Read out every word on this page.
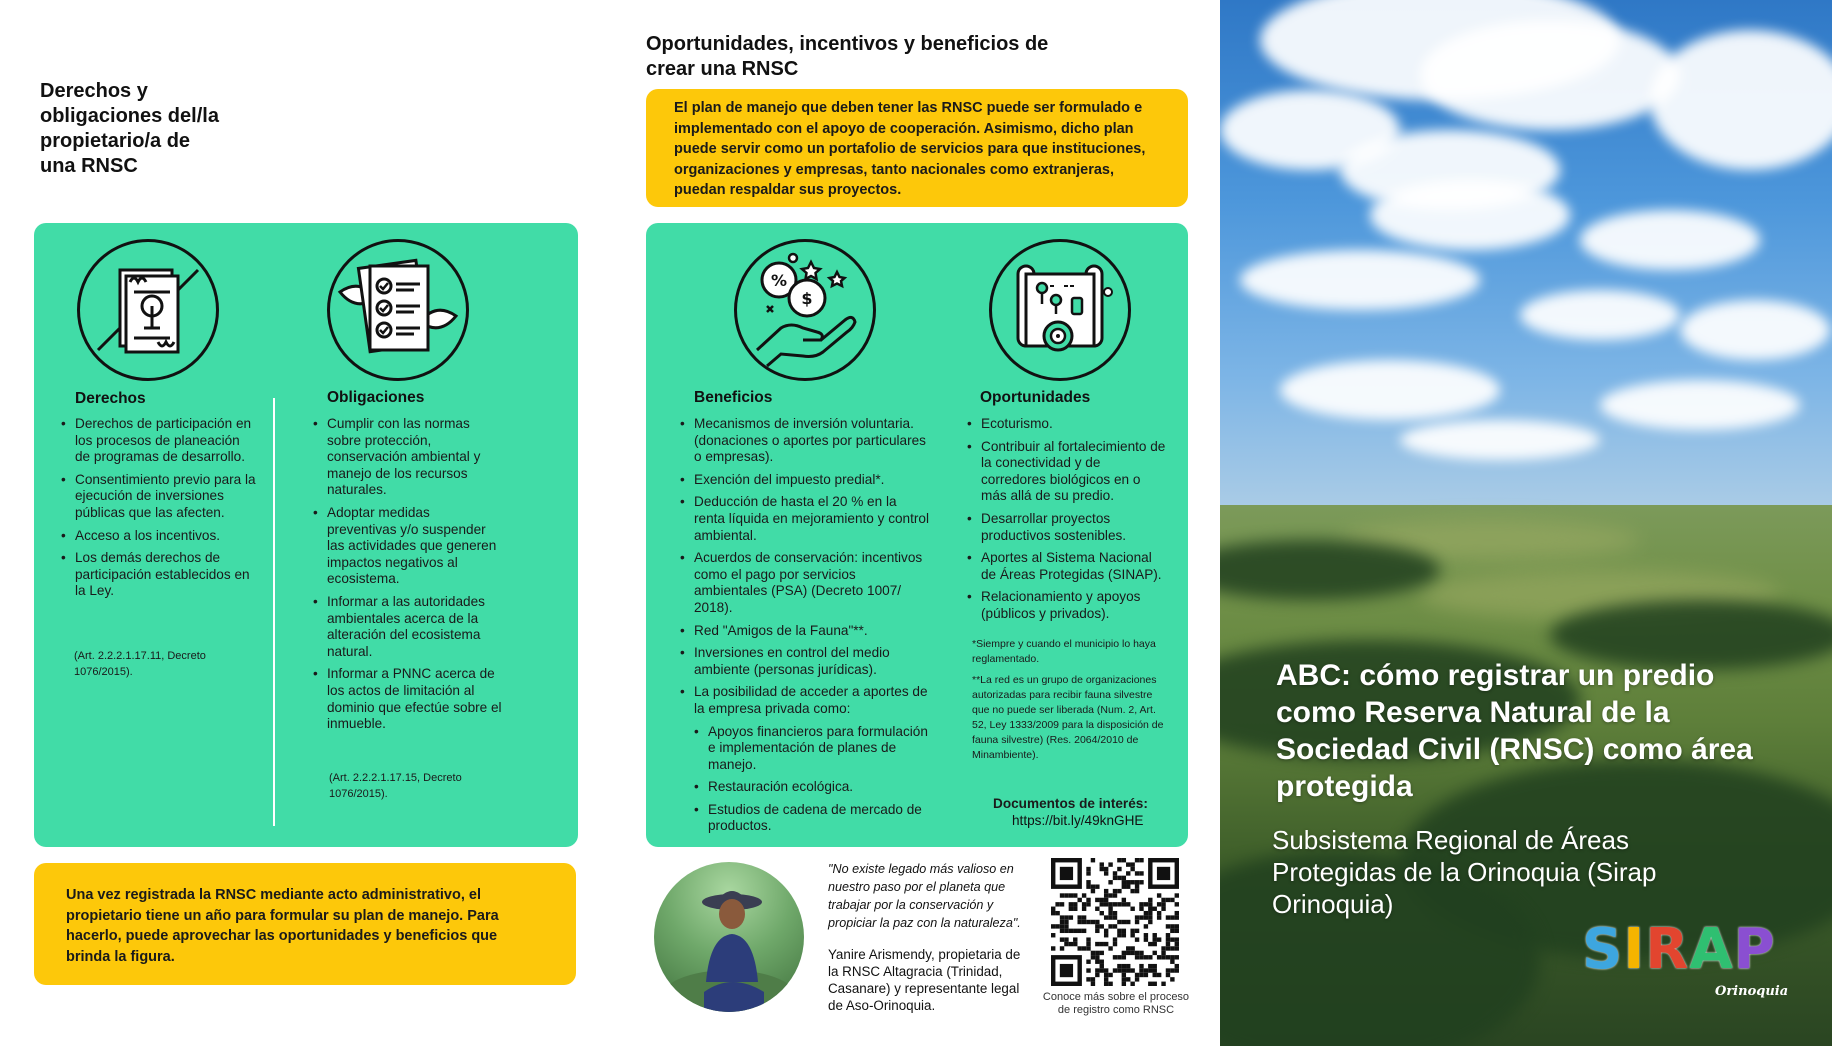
Derechos y
obligaciones del/la
propietario/a de
una RNSC
Derechos
• Derechos de participación en los procesos de planeación de programas de desarrollo.
• Consentimiento previo para la ejecución de inversiones públicas que las afecten.
• Acceso a los incentivos.
• Los demás derechos de participación establecidos en la Ley.
(Art. 2.2.2.1.17.11, Decreto 1076/2015).
Obligaciones
• Cumplir con las normas sobre protección, conservación ambiental y manejo de los recursos naturales.
• Adoptar medidas preventivas y/o suspender las actividades que generen impactos negativos al ecosistema.
• Informar a las autoridades ambientales acerca de la alteración del ecosistema natural.
• Informar a PNNC acerca de los actos de limitación al dominio que efectúe sobre el inmueble.
(Art. 2.2.2.1.17.15, Decreto 1076/2015).
Una vez registrada la RNSC mediante acto administrativo, el propietario tiene un año para formular su plan de manejo. Para hacerlo, puede aprovechar las oportunidades y beneficios que brinda la figura.
Oportunidades, incentivos y beneficios de
crear una RNSC
El plan de manejo que deben tener las RNSC puede ser formulado e implementado con el apoyo de cooperación. Asimismo, dicho plan puede servir como un portafolio de servicios para que instituciones, organizaciones y empresas, tanto nacionales como extranjeras, puedan respaldar sus proyectos.
%
$
Beneficios
• Mecanismos de inversión voluntaria. (donaciones o aportes por particulares o empresas).
• Exención del impuesto predial*.
• Deducción de hasta el 20 % en la renta líquida en mejoramiento y control ambiental.
• Acuerdos de conservación: incentivos como el pago por servicios ambientales (PSA) (Decreto 1007/ 2018).
• Red "Amigos de la Fauna"**.
• Inversiones en control del medio ambiente (personas jurídicas).
• La posibilidad de acceder a aportes de la empresa privada como:
• Apoyos financieros para formulación e implementación de planes de manejo.
• Restauración ecológica.
• Estudios de cadena de mercado de productos.
Oportunidades
• Ecoturismo.
• Contribuir al fortalecimiento de la conectividad y de corredores biológicos en o más allá de su predio.
• Desarrollar proyectos productivos sostenibles.
• Aportes al Sistema Nacional de Áreas Protegidas (SINAP).
• Relacionamiento y apoyos (públicos y privados).
*Siempre y cuando el municipio lo haya reglamentado.
**La red es un grupo de organizaciones autorizadas para recibir fauna silvestre que no puede ser liberada (Num. 2, Art. 52, Ley 1333/2009 para la disposición de fauna silvestre) (Res. 2064/2010 de Minambiente).
Documentos de interés:
https://bit.ly/49knGHE
"No existe legado más valioso en nuestro paso por el planeta que trabajar por la conservación y propiciar la paz con la naturaleza".
Yanire Arismendy, propietaria de la RNSC Altagracia (Trinidad, Casanare) y representante legal de Aso-Orinoquia.
Conoce más sobre el proceso de registro como RNSC
ABC: cómo registrar un predio como Reserva Natural de la Sociedad Civil (RNSC) como área protegida
Subsistema Regional de Áreas Protegidas de la Orinoquia (Sirap Orinoquia)
SIRAP
Orinoquia
